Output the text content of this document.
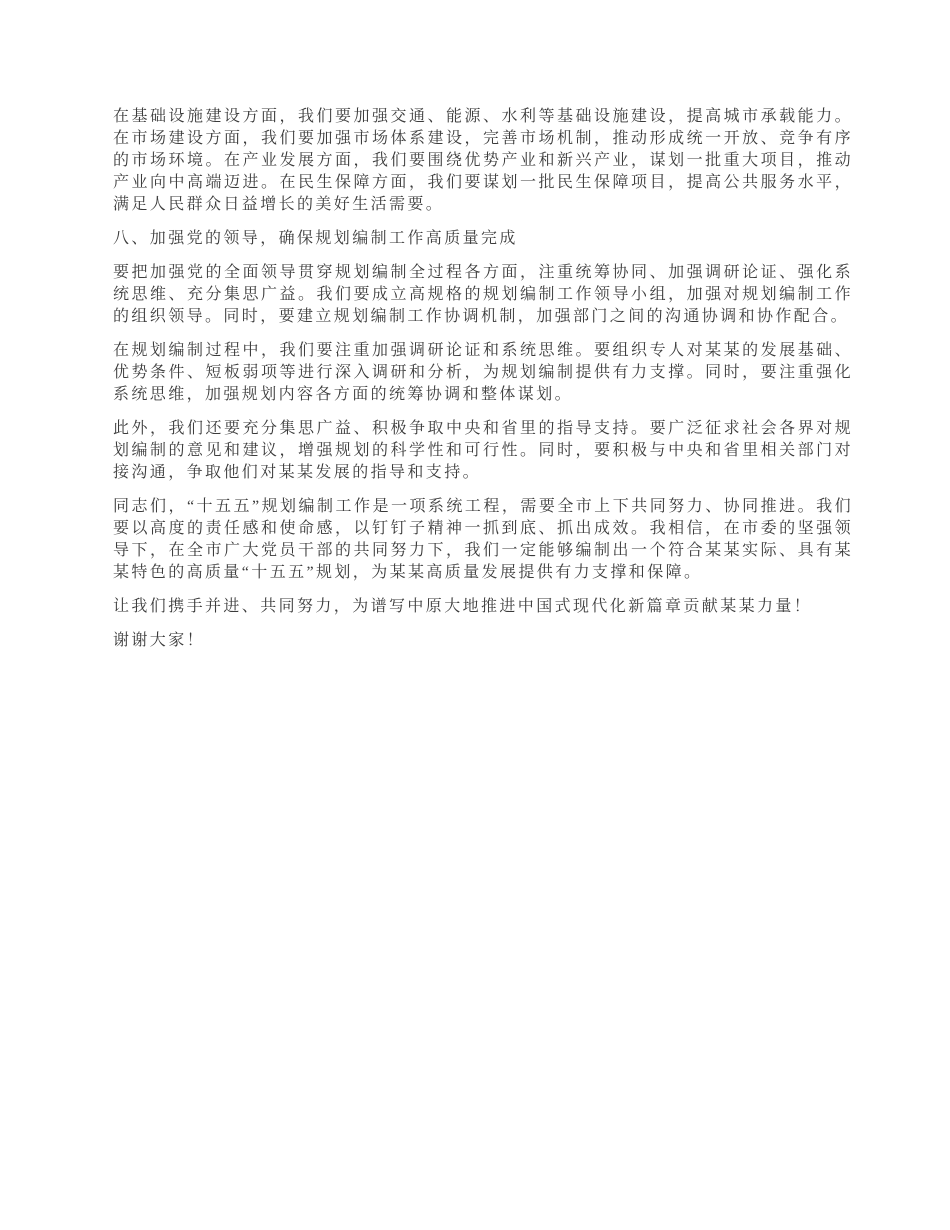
在基础设施建设方面，我们要加强交通、能源、水利等基础设施建设，提高城市承载能力。在市场建设方面，我们要加强市场体系建设，完善市场机制，推动形成统一开放、竞争有序的市场环境。在产业发展方面，我们要围绕优势产业和新兴产业，谋划一批重大项目，推动产业向中高端迈进。在民生保障方面，我们要谋划一批民生保障项目，提高公共服务水平，满足人民群众日益增长的美好生活需要。

八、加强党的领导，确保规划编制工作高质量完成

要把加强党的全面领导贯穿规划编制全过程各方面，注重统筹协同、加强调研论证、强化系统思维、充分集思广益。我们要成立高规格的规划编制工作领导小组，加强对规划编制工作的组织领导。同时，要建立规划编制工作协调机制，加强部门之间的沟通协调和协作配合。

在规划编制过程中，我们要注重加强调研论证和系统思维。要组织专人对某某的发展基础、优势条件、短板弱项等进行深入调研和分析，为规划编制提供有力支撑。同时，要注重强化系统思维，加强规划内容各方面的统筹协调和整体谋划。

此外，我们还要充分集思广益、积极争取中央和省里的指导支持。要广泛征求社会各界对规划编制的意见和建议，增强规划的科学性和可行性。同时，要积极与中央和省里相关部门对接沟通，争取他们对某某发展的指导和支持。

同志们，“十五五”规划编制工作是一项系统工程，需要全市上下共同努力、协同推进。我们要以高度的责任感和使命感，以钉钉子精神一抓到底、抓出成效。我相信，在市委的坚强领导下，在全市广大党员干部的共同努力下，我们一定能够编制出一个符合某某实际、具有某某特色的高质量“十五五”规划，为某某高质量发展提供有力支撑和保障。

让我们携手并进、共同努力，为谱写中原大地推进中国式现代化新篇章贡献某某力量！

谢谢大家！
